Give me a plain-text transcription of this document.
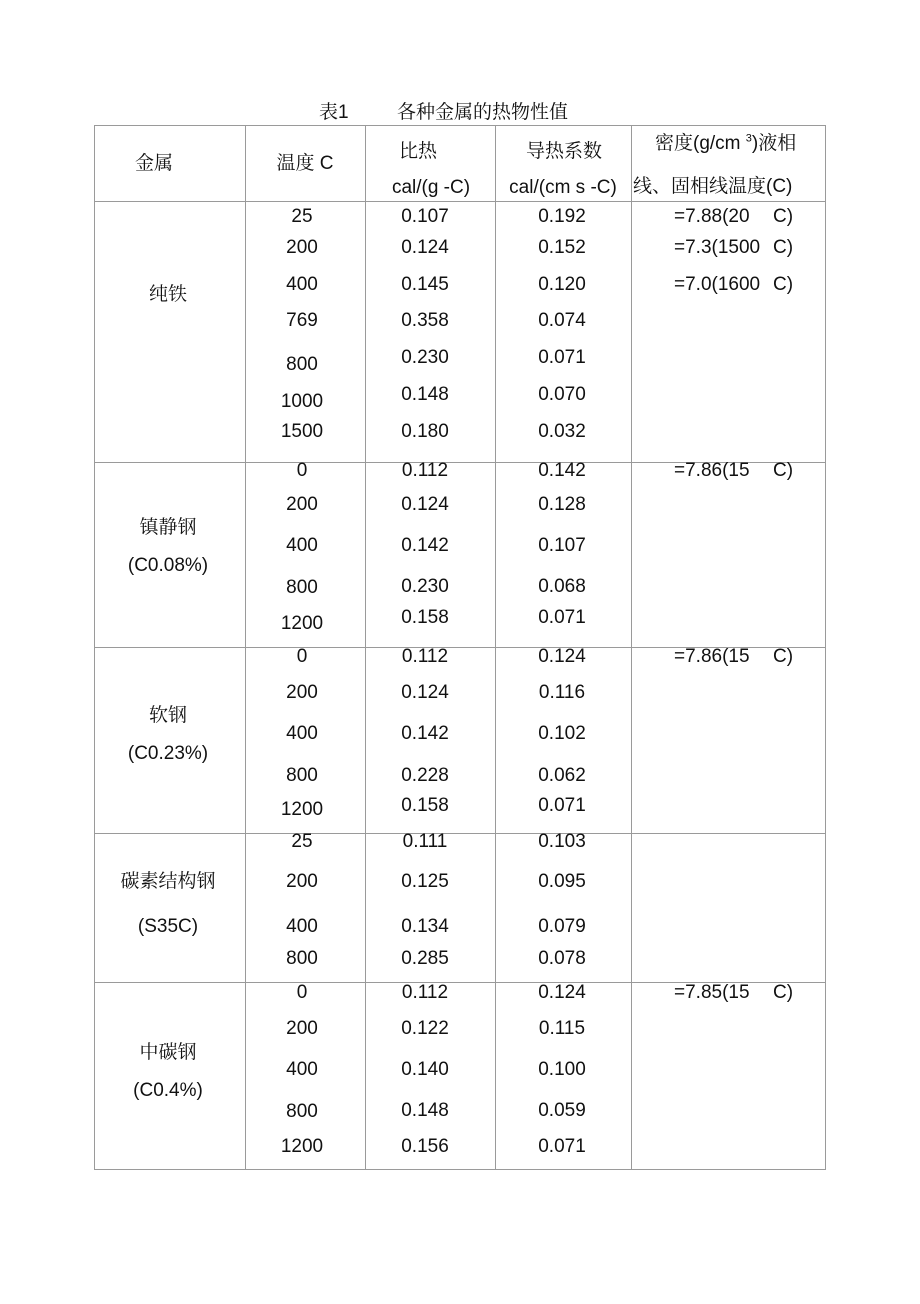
表1	各种金属的热物性值
金属	温度 C
比热
cal/(g -C)
导热系数
cal/(cm s -C)
密度(g/cm $^3$)液相
线、固相线温度(C)
纯铁
25
200
400
769
800
1000
1500
0.107
0.124
0.145
0.358
0.230
0.148
0.180
0.192
0.152
0.120
0.074
0.071
0.070
0.032
=7.88(20 C)
=7.3(1500 C)
=7.0(1600 C)
镇静钢
(C0.08%)
0
200
400
800
1200
0.112
0.124
0.142
0.230
0.158
0.142
0.128
0.107
0.068
0.071
=7.86(15 C)
软钢
(C0.23%)
0
200
400
800
1200
0.112
0.124
0.142
0.228
0.158
0.124
0.116
0.102
0.062
0.071
=7.86(15 C)
碳素结构钢
(S35C)
25
200
400
800
0.111
0.125
0.134
0.285
0.103
0.095
0.079
0.078
中碳钢
(C0.4%)
0
200
400
800
1200
0.112
0.122
0.140
0.148
0.156
0.124
0.115
0.100
0.059
0.071
=7.85(15 C)
